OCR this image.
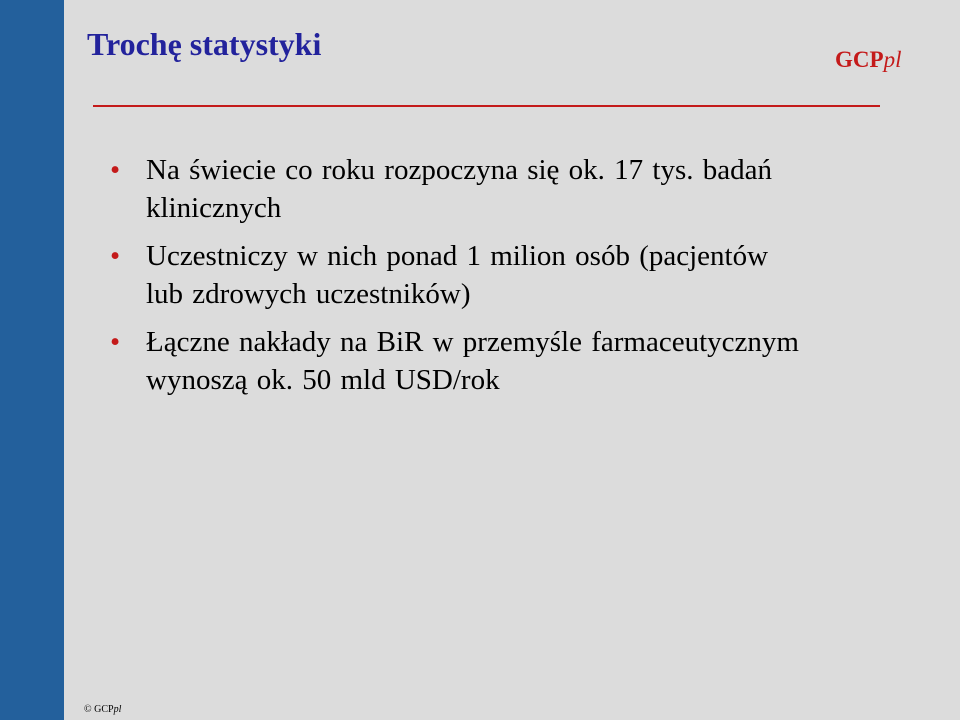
Trochę statystyki	GCPpl
• Na świecie co roku rozpoczyna się ok. 17 tys. badań klinicznych
• Uczestniczy w nich ponad 1 milion osób (pacjentów lub zdrowych uczestników)
• Łączne nakłady na BiR w przemyśle farmaceutycznym wynoszą ok. 50 mld USD/rok
© GCPpl
